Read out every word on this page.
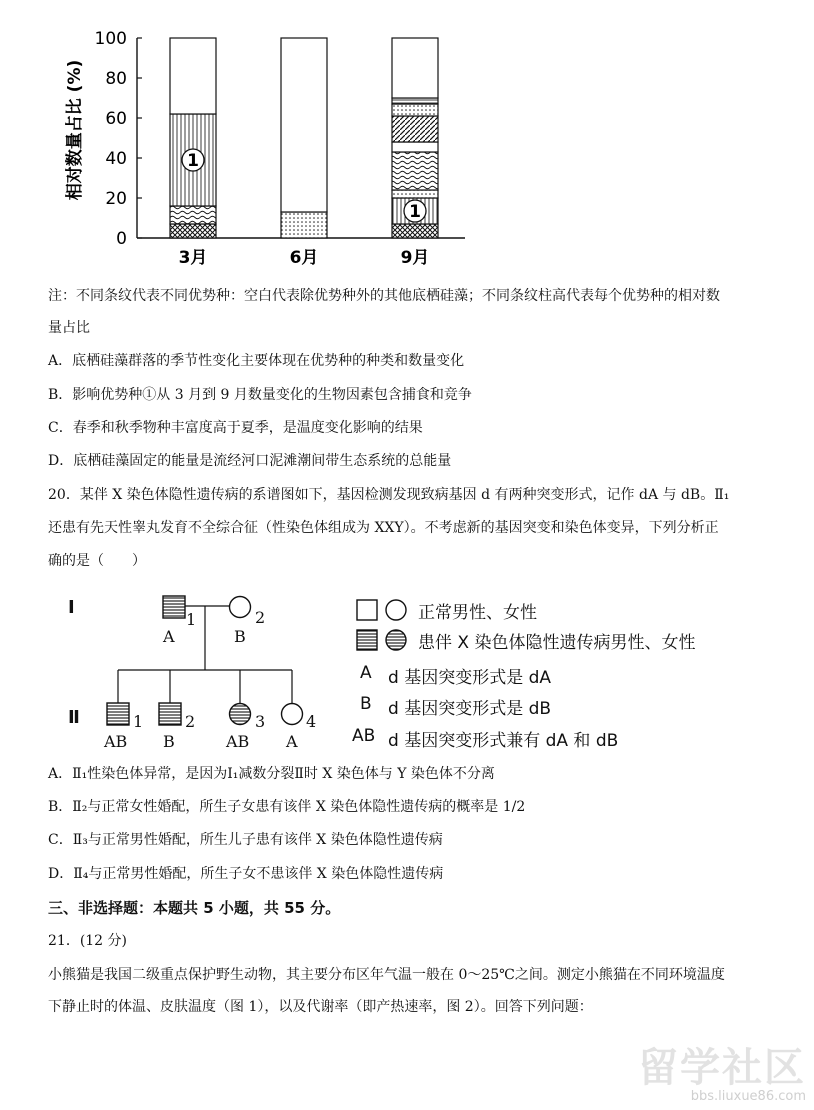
0
20
40
60
80
100
相对数量占比 (%)	1
3月	6月
1
9月
注：不同条纹代表不同优势种：空白代表除优势种外的其他底栖硅藻；不同条纹柱高代表每个优势种的相对数
量占比
A．底栖硅藻群落的季节性变化主要体现在优势种的种类和数量变化
B．影响优势种①从 3 月到 9 月数量变化的生物因素包含捕食和竞争
C．春季和秋季物种丰富度高于夏季，是温度变化影响的结果
D．底栖硅藻固定的能量是流经河口泥滩潮间带生态系统的总能量
20．某伴 X 染色体隐性遗传病的系谱图如下，基因检测发现致病基因 d 有两种突变形式，记作 dA 与 dB。Ⅱ₁
还患有先天性睾丸发育不全综合征（性染色体组成为 XXY）。不考虑新的基因突变和染色体变异，下列分析正
确的是（　　）
Ⅰ
Ⅱ
1
A
2
B
1
AB
2
B
3
AB
4
A
正常男性、女性
患伴 X 染色体隐性遗传病男性、女性
A d 基因突变形式是 dA
B d 基因突变形式是 dB
AB d 基因突变形式兼有 dA 和 dB
A．Ⅱ₁性染色体异常，是因为Ⅰ₁减数分裂Ⅱ时 X 染色体与 Y 染色体不分离
B．Ⅱ₂与正常女性婚配，所生子女患有该伴 X 染色体隐性遗传病的概率是 1/2
C．Ⅱ₃与正常男性婚配，所生儿子患有该伴 X 染色体隐性遗传病
D．Ⅱ₄与正常男性婚配，所生子女不患该伴 X 染色体隐性遗传病
三、非选择题：本题共 5 小题，共 55 分。
21．(12 分)
小熊猫是我国二级重点保护野生动物，其主要分布区年气温一般在 0～25℃之间。测定小熊猫在不同环境温度
下静止时的体温、皮肤温度（图 1），以及代谢率（即产热速率，图 2）。回答下列问题：
留学社区
bbs.liuxue86.com
